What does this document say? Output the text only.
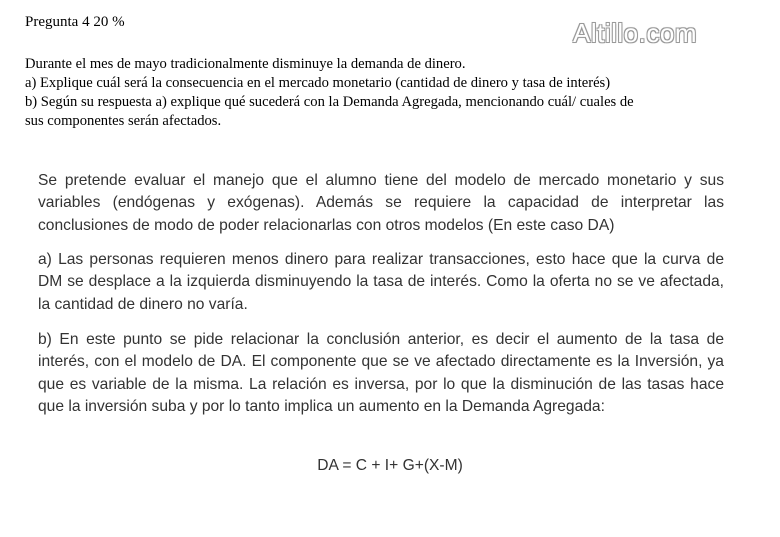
Pregunta 4 20 %	Altillo.com
Durante el mes de mayo tradicionalmente disminuye la demanda de dinero.
a) Explique cuál será la consecuencia en el mercado monetario (cantidad de dinero y tasa de interés)
b) Según su respuesta a) explique qué sucederá con la Demanda Agregada, mencionando cuál/ cuales de
sus componentes serán afectados.
Se pretende evaluar el manejo que el alumno tiene del modelo de mercado monetario y sus variables (endógenas y exógenas). Además se requiere la capacidad de interpretar las conclusiones de modo de poder relacionarlas con otros modelos (En este caso DA)
a) Las personas requieren menos dinero para realizar transacciones, esto hace que la curva de DM se desplace a la izquierda disminuyendo la tasa de interés. Como la oferta no se ve afectada, la cantidad de dinero no varía.
b) En este punto se pide relacionar la conclusión anterior, es decir el aumento de la tasa de interés, con el modelo de DA. El componente que se ve afectado directamente es la Inversión, ya que es variable de la misma. La relación es inversa, por lo que la disminución de las tasas hace que la inversión suba y por lo tanto implica un aumento en la Demanda Agregada:
DA = C + I+ G+(X-M)
